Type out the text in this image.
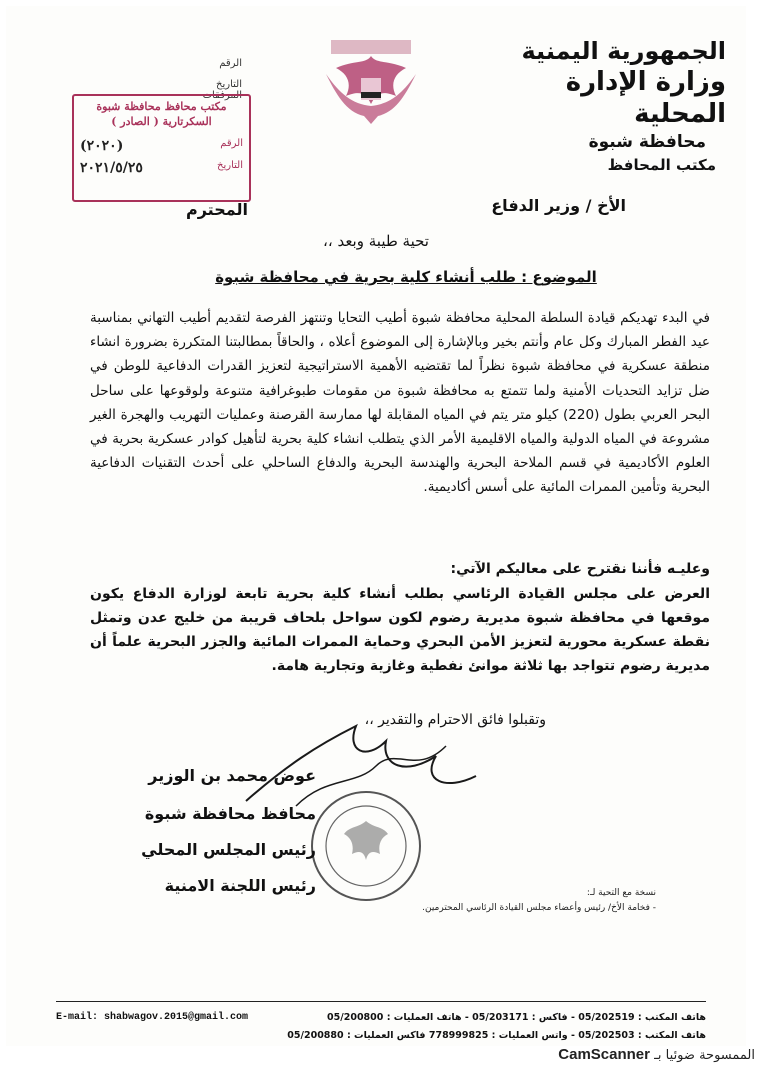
الجمهورية اليمنية
وزارة الإدارة المحلية
محافظة شبوة
مكتب المحافظ
الرقم
التاريخ
المرفقات
مكتب محافظ محافظة شبوة
السكرتارية ( الصادر )
الرقم
(٢٠٢٠)
التاريخ
٢٠٢١/٥/٢٥
الأخ / وزير الدفاع
المحترم
تحية طيبة وبعد ،،
الموضوع : طلب أنشاء كلية بحرية في محافظة شبوة

في البدء تهديكم قيادة السلطة المحلية محافظة شبوة أطيب التحايا وتنتهز الفرصة لتقديم أطيب التهاني بمناسبة عيد الفطر المبارك وكل عام وأنتم بخير وبالإشارة إلى الموضوع أعلاه ، والحاقاً بمطالبتنا المتكررة بضرورة انشاء منطقة عسكرية في محافظة شبوة نظراً لما تقتضيه الأهمية الاستراتيجية لتعزيز القدرات الدفاعية للوطن في ضل تزايد التحديات الأمنية ولما تتمتع به محافظة شبوة من مقومات طبوغرافية متنوعة ولوقوعها على ساحل البحر العربي بطول (220) كيلو متر يتم في المياه المقابلة لها ممارسة القرصنة وعمليات التهريب والهجرة الغير مشروعة في المياه الدولية والمياه الاقليمية الأمر الذي يتطلب انشاء كلية بحرية لتأهيل كوادر عسكرية بحرية في العلوم الأكاديمية في قسم الملاحة البحرية والهندسة البحرية والدفاع الساحلي على أحدث التقنيات الدفاعية البحرية وتأمين الممرات المائية على أسس أكاديمية.

وعليـه فأننا نقترح على معاليكم الآتي:
العرض على مجلس القيادة الرئاسي بطلب أنشاء كلية بحرية تابعة لوزارة الدفاع يكون موقعها في محافظة شبوة مديرية رضوم لكون سواحل بلحاف قريبة من خليج عدن وتمثل نقطة عسكرية محورية لتعزيز الأمن البحري وحماية الممرات المائية والجزر البحرية علماً أن مديرية رضوم تتواجد بها ثلاثة موانئ نفطية وغازية وتجارية هامة.
وتقبلوا فائق الاحترام والتقدير ،،
عوض محمد بن الوزير
محافظ محافظة شبوة
رئيس المجلس المحلي
رئيس اللجنة الامنية	نسخة مع التحية لـ:
- فخامة الأخ/ رئيس وأعضاء مجلس القيادة الرئاسي المحترمين.
E-mail: shabwagov.2015@gmail.com	هاتف المكتب : 05/202519 - فاكس : 05/203171 - هاتف العمليات : 05/200800
هاتف المكتب : 05/202503 - واتس العمليات : 778999825 فاكس العمليات : 05/200880
الممسوحة ضوئيا بـ CamScanner
